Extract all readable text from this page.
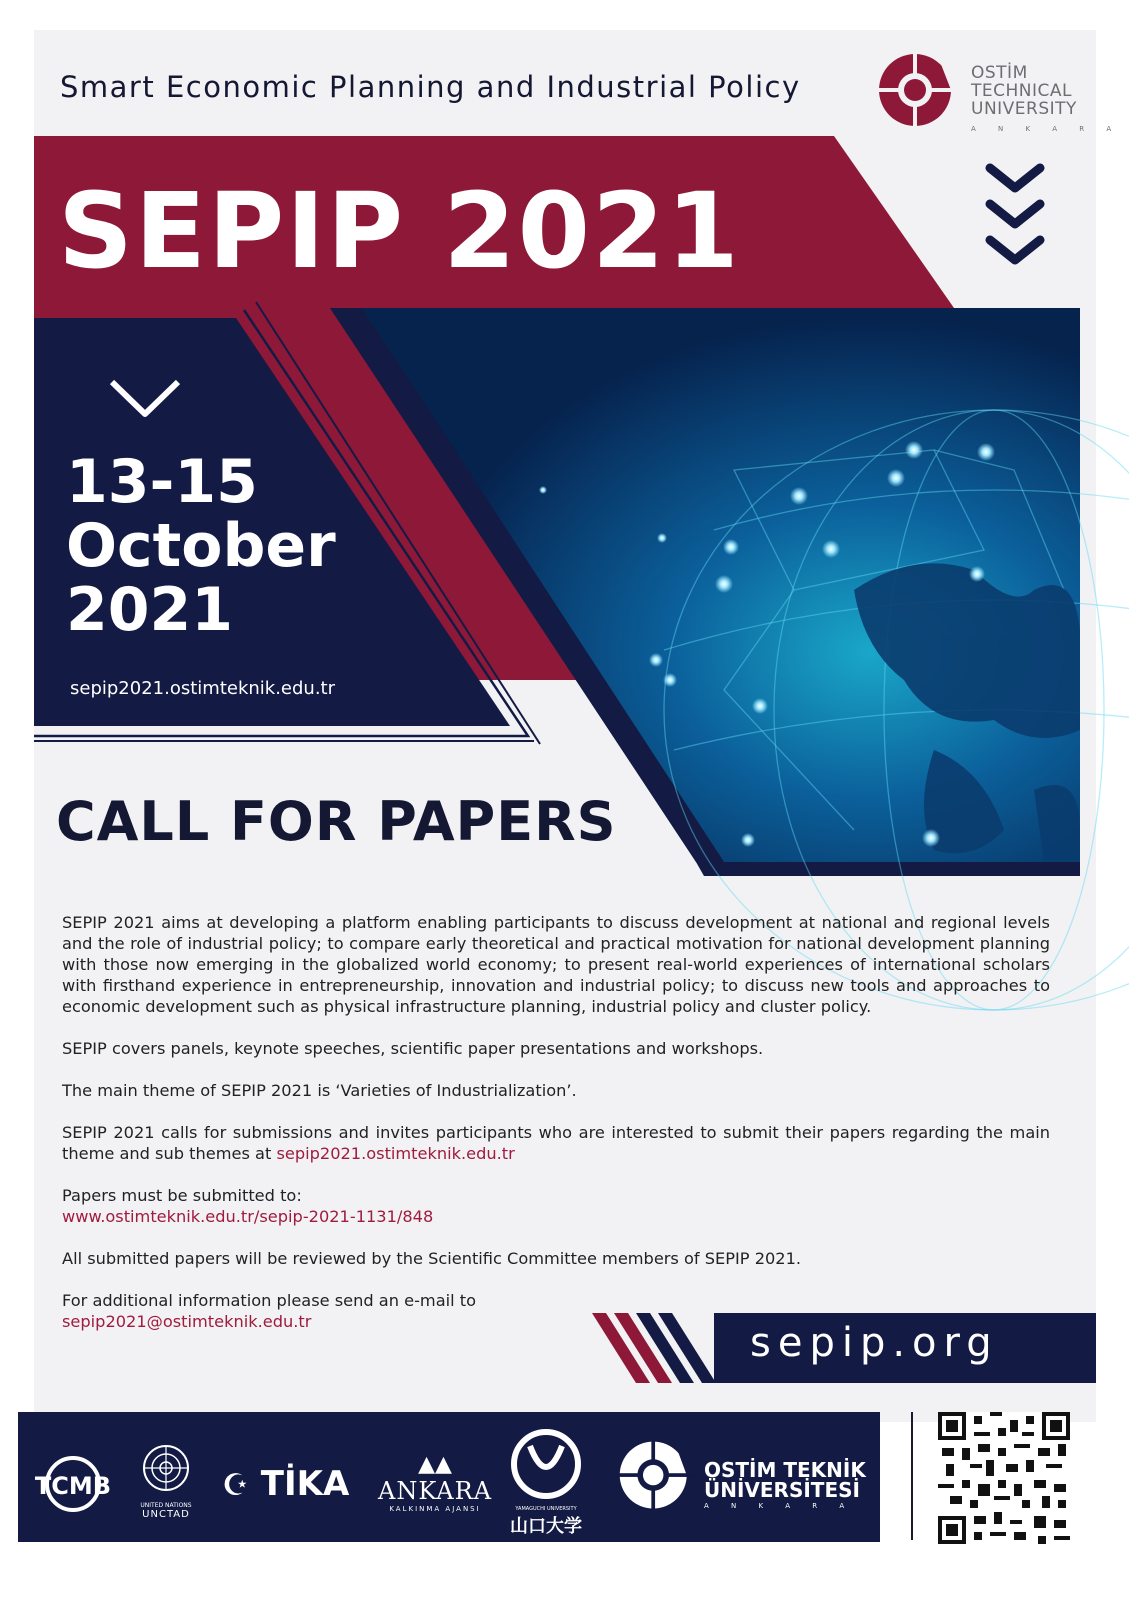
Smart Economic Planning and Industrial Policy	OSTİM
TECHNICAL
UNIVERSITY
A N K A R A
SEPIP 2021
13-15
October
2021
sepip2021.ostimteknik.edu.tr
CALL FOR PAPERS

SEPIP 2021 aims at developing a platform enabling participants to discuss development at national and regional levels and the role of industrial policy; to compare early theoretical and practical motivation for national development planning with those now emerging in the globalized world economy; to present real-world experiences of international scholars with firsthand experience in entrepreneurship, innovation and industrial policy; to discuss new tools and approaches to economic development such as physical infrastructure planning, industrial policy and cluster policy.

SEPIP covers panels, keynote speeches, scientific paper presentations and workshops.

The main theme of SEPIP 2021 is ‘Varieties of Industrialization’.

SEPIP 2021 calls for submissions and invites participants who are interested to submit their papers regarding the main theme and sub themes at sepip2021.ostimteknik.edu.tr

Papers must be submitted to:
www.ostimteknik.edu.tr/sepip-2021-1131/848

All submitted papers will be reviewed by the Scientific Committee members of SEPIP 2021.

For additional information please send an e-mail to
sepip2021@ostimteknik.edu.tr	sepip.org
TCMB
UNITED NATIONS
UNCTAD
☪ TİKA	▲▲
ANKARA
KALKINMA AJANSI	YAMAGUCHI UNIVERSITY
山口大学
OSTİM TEKNİK
ÜNİVERSİTESİ
A N K A R A
